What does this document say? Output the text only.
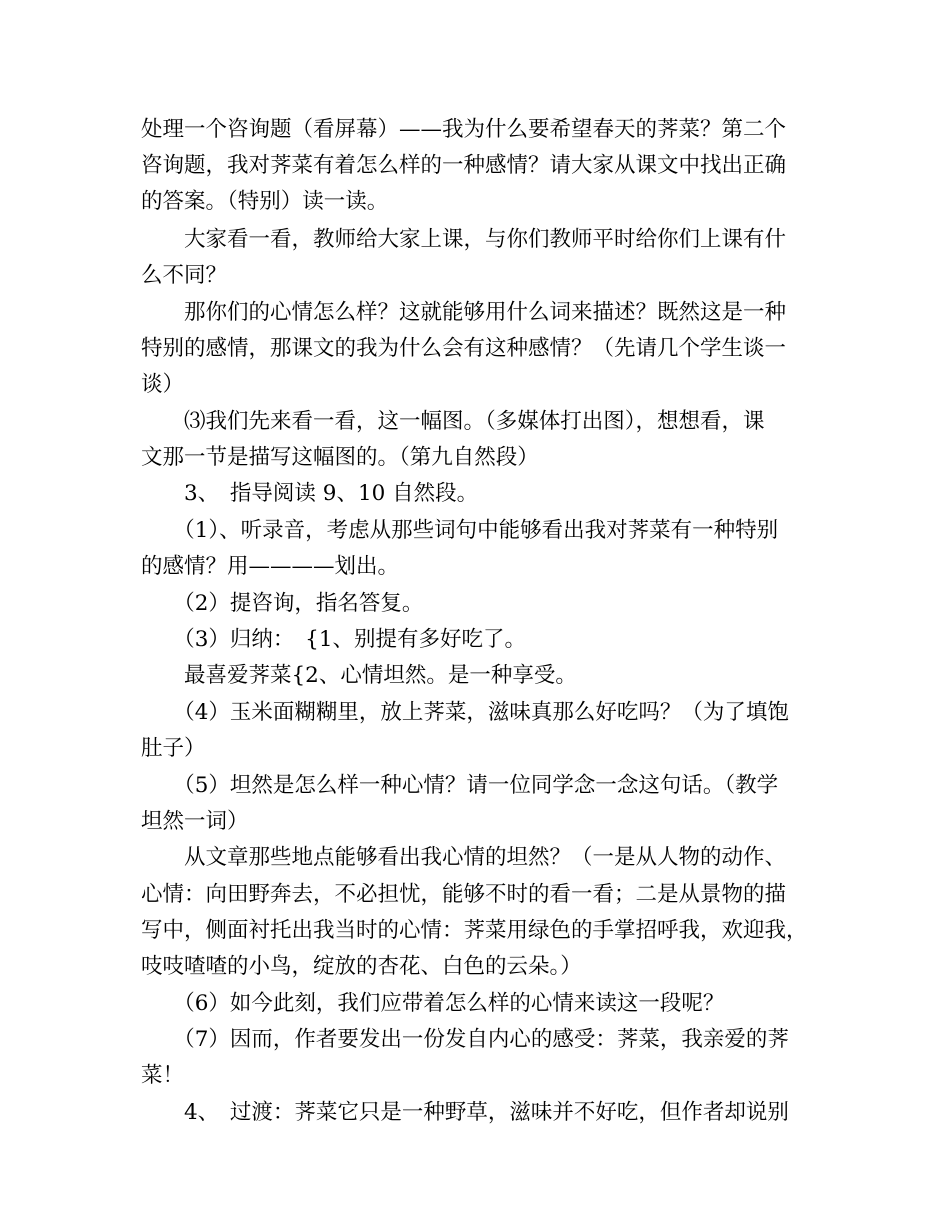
处理一个咨询题（看屏幕）——我为什么要希望春天的荠菜？第二个
咨询题，我对荠菜有着怎么样的一种感情？请大家从课文中找出正确
的答案。（特别）读一读。
　　大家看一看，教师给大家上课，与你们教师平时给你们上课有什
么不同？
　　那你们的心情怎么样？这就能够用什么词来描述？既然这是一种
特别的感情，那课文的我为什么会有这种感情？（先请几个学生谈一
谈）
　　⑶我们先来看一看，这一幅图。（多媒体打出图），想想看，课
文那一节是描写这幅图的。（第九自然段）
　　3、　指导阅读 9、10 自然段。
　　（1）、听录音，考虑从那些词句中能够看出我对荠菜有一种特别
的感情？用————划出。
　　（2）提咨询，指名答复。
　　（3）归纳：　{1、别提有多好吃了。
　　最喜爱荠菜{2、心情坦然。是一种享受。
　　（4）玉米面糊糊里，放上荠菜，滋味真那么好吃吗？（为了填饱
肚子）
　　（5）坦然是怎么样一种心情？请一位同学念一念这句话。（教学
坦然一词）
　　从文章那些地点能够看出我心情的坦然？（一是从人物的动作、
心情：向田野奔去，不必担忧，能够不时的看一看；二是从景物的描
写中，侧面衬托出我当时的心情：荠菜用绿色的手掌招呼我，欢迎我，
吱吱喳喳的小鸟，绽放的杏花、白色的云朵。）
　　（6）如今此刻，我们应带着怎么样的心情来读这一段呢？
　　（7）因而，作者要发出一份发自内心的感受：荠菜，我亲爱的荠
菜！
　　4、　过渡：荠菜它只是一种野草，滋味并不好吃，但作者却说别
